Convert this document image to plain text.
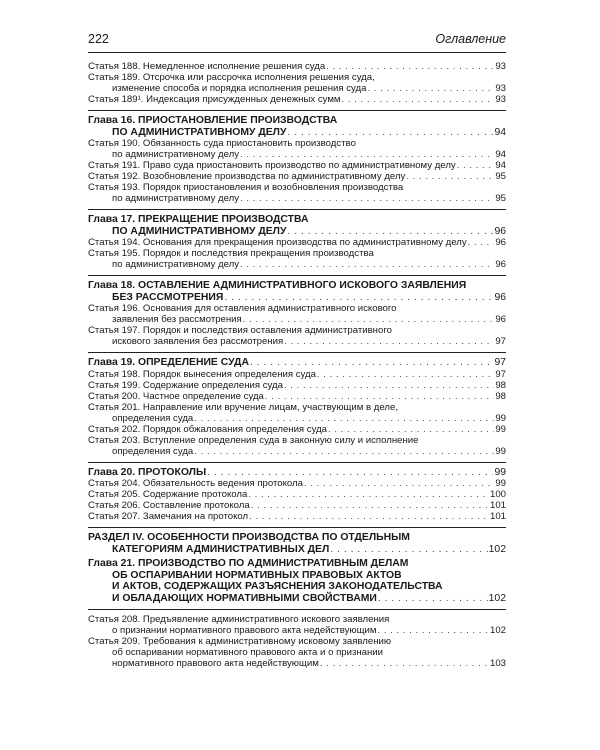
222	Оглавление
Статья 188. Немедленное исполнение решения суда . . .	93
Статья 189. Отсрочка или рассрочка исполнения решения суда,
изменение способа и порядка исполнения решения суда . . .	93
Статья 189¹. Индексация присужденных денежных сумм . . .	93
Глава 16. ПРИОСТАНОВЛЕНИЕ ПРОИЗВОДСТВА
ПО АДМИНИСТРАТИВНОМУ ДЕЛУ . . .	94
Статья 190. Обязанность суда приостановить производство
по административному делу . . .	94
Статья 191. Право суда приостановить производство по административному делу . . .	94
Статья 192. Возобновление производства по административному делу . . .	95
Статья 193. Порядок приостановления и возобновления производства
по административному делу . . .	95
Глава 17. ПРЕКРАЩЕНИЕ ПРОИЗВОДСТВА
ПО АДМИНИСТРАТИВНОМУ ДЕЛУ . . .	96
Статья 194. Основания для прекращения производства по административному делу . . .	96
Статья 195. Порядок и последствия прекращения производства
по административному делу . . .	96
Глава 18. ОСТАВЛЕНИЕ АДМИНИСТРАТИВНОГО ИСКОВОГО ЗАЯВЛЕНИЯ
БЕЗ РАССМОТРЕНИЯ . . .	96
Статья 196. Основания для оставления административного искового
заявления без рассмотрения . . .	96
Статья 197. Порядок и последствия оставления административного
искового заявления без рассмотрения . . .	97
Глава 19. ОПРЕДЕЛЕНИЕ СУДА . . .	97
Статья 198. Порядок вынесения определения суда . . .	97
Статья 199. Содержание определения суда . . .	98
Статья 200. Частное определение суда . . .	98
Статья 201. Направление или вручение лицам, участвующим в деле,
определения суда . . .	99
Статья 202. Порядок обжалования определения суда . . .	99
Статья 203. Вступление определения суда в законную силу и исполнение
определения суда . . .	99
Глава 20. ПРОТОКОЛЫ . . .	99
Статья 204. Обязательность ведения протокола . . .	99
Статья 205. Содержание протокола . . .	100
Статья 206. Составление протокола . . .	101
Статья 207. Замечания на протокол . . .	101
РАЗДЕЛ IV. ОСОБЕННОСТИ ПРОИЗВОДСТВА ПО ОТДЕЛЬНЫМ
КАТЕГОРИЯМ АДМИНИСТРАТИВНЫХ ДЕЛ . . .	102
Глава 21. ПРОИЗВОДСТВО ПО АДМИНИСТРАТИВНЫМ ДЕЛАМ
ОБ ОСПАРИВАНИИ НОРМАТИВНЫХ ПРАВОВЫХ АКТОВ
И АКТОВ, СОДЕРЖАЩИХ РАЗЪЯСНЕНИЯ ЗАКОНОДАТЕЛЬСТВА
И ОБЛАДАЮЩИХ НОРМАТИВНЫМИ СВОЙСТВАМИ . . .	102
Статья 208. Предъявление административного искового заявления
о признании нормативного правового акта недействующим . . .	102
Статья 209. Требования к административному исковому заявлению
об оспаривании нормативного правового акта и о признании
нормативного правового акта недействующим . . .	103
